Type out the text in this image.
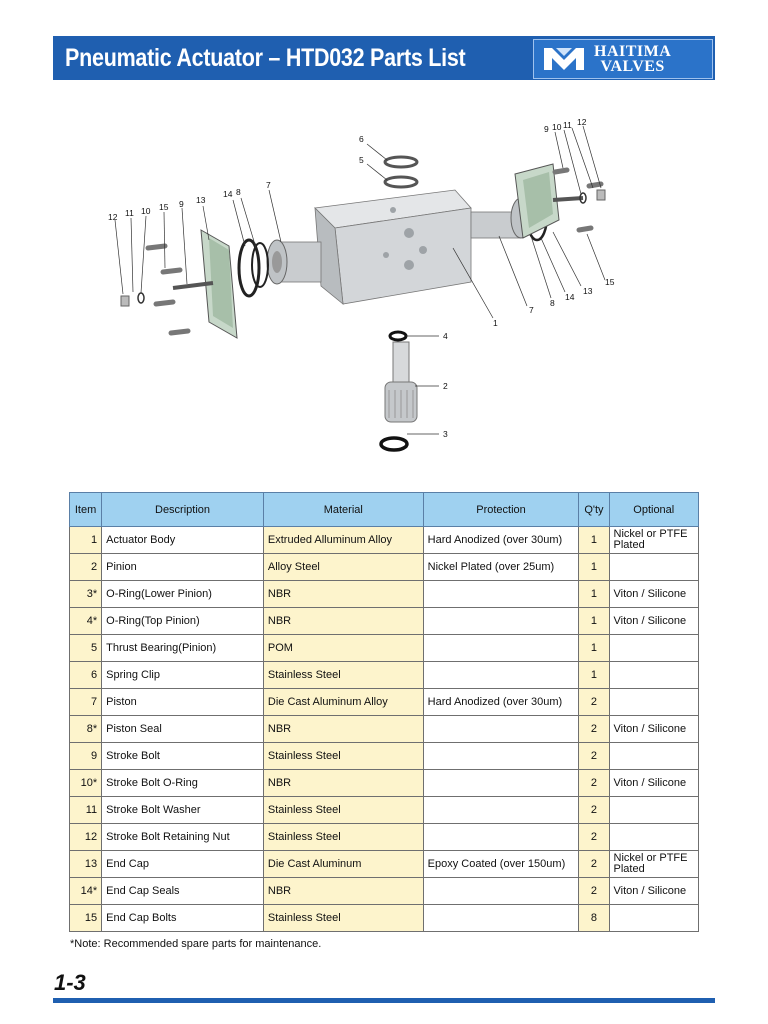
Pneumatic Actuator – HTD032 Parts List	HAITIMA
VALVES
6
5
7
14 8
13
9
15
10
11
12
9 10 11 12
15
13
14
8
7
1
4
2
3
Item	Description	Material	Protection	Q'ty	Optional
1	Actuator Body	Extruded Alluminum Alloy	Hard Anodized (over 30um)	1	Nickel or PTFE Plated
2	Pinion	Alloy Steel	Nickel Plated (over 25um)	1	
3*	O-Ring(Lower Pinion)	NBR		1	Viton / Silicone
4*	O-Ring(Top Pinion)	NBR		1	Viton / Silicone
5	Thrust Bearing(Pinion)	POM		1	
6	Spring Clip	Stainless Steel		1	
7	Piston	Die Cast Aluminum Alloy	Hard Anodized (over 30um)	2	
8*	Piston Seal	NBR		2	Viton / Silicone
9	Stroke Bolt	Stainless Steel		2	
10*	Stroke Bolt O-Ring	NBR		2	Viton / Silicone
11	Stroke Bolt Washer	Stainless Steel		2	
12	Stroke Bolt Retaining Nut	Stainless Steel		2	
13	End Cap	Die Cast Aluminum	Epoxy Coated (over 150um)	2	Nickel or PTFE Plated
14*	End Cap Seals	NBR		2	Viton / Silicone
15	End Cap Bolts	Stainless Steel		8	
*Note: Recommended spare parts for maintenance.
1-3
